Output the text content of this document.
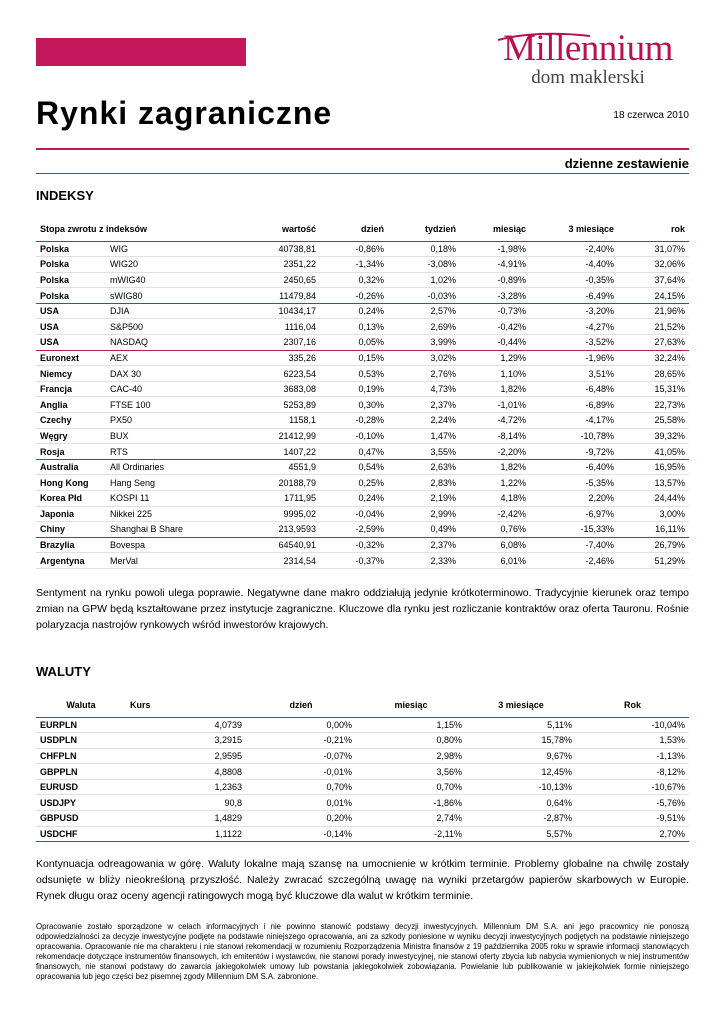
Millennium
dom maklerski
Rynki zagraniczne	18 czerwca 2010
dzienne zestawienie
INDEKSY
Stopa zwrotu z indeksów		wartość	dzień	tydzień	miesiąc	3 miesiące	rok
Polska	WIG	40738,81	-0,86%	0,18%	-1,98%	-2,40%	31,07%
Polska	WIG20	2351,22	-1,34%	-3,08%	-4,91%	-4,40%	32,06%
Polska	mWIG40	2450,65	0,32%	1,02%	-0,89%	-0,35%	37,64%
Polska	sWIG80	11479,84	-0,26%	-0,03%	-3,28%	-6,49%	24,15%
USA	DJIA	10434,17	0,24%	2,57%	-0,73%	-3,20%	21,96%
USA	S&P500	1116,04	0,13%	2,69%	-0,42%	-4,27%	21,52%
USA	NASDAQ	2307,16	0,05%	3,99%	-0,44%	-3,52%	27,63%
Euronext	AEX	335,26	0,15%	3,02%	1,29%	-1,96%	32,24%
Niemcy	DAX 30	6223,54	0,53%	2,76%	1,10%	3,51%	28,65%
Francja	CAC-40	3683,08	0,19%	4,73%	1,82%	-6,48%	15,31%
Anglia	FTSE 100	5253,89	0,30%	2,37%	-1,01%	-6,89%	22,73%
Czechy	PX50	1158,1	-0,28%	2,24%	-4,72%	-4,17%	25,58%
Węgry	BUX	21412,99	-0,10%	1,47%	-8,14%	-10,78%	39,32%
Rosja	RTS	1407,22	0,47%	3,55%	-2,20%	-9,72%	41,05%
Australia	All Ordinaries	4551,9	0,54%	2,63%	1,82%	-6,40%	16,95%
Hong Kong	Hang Seng	20188,79	0,25%	2,83%	1,22%	-5,35%	13,57%
Korea Płd	KOSPI 11	1711,95	0,24%	2,19%	4,18%	2,20%	24,44%
Japonia	Nikkei 225	9995,02	-0,04%	2,99%	-2,42%	-6,97%	3,00%
Chiny	Shanghai B Share	213,9593	-2,59%	0,49%	0,76%	-15,33%	16,11%
Brazylia	Bovespa	64540,91	-0,32%	2,37%	6,08%	-7,40%	26,79%
Argentyna	MerVal	2314,54	-0,37%	2,33%	6,01%	-2,46%	51,29%
Sentyment na rynku powoli ulega poprawie. Negatywne dane makro oddziałują jedynie krótkoterminowo. Tradycyjnie kierunek oraz tempo zmian na GPW będą kształtowane przez instytucje zagraniczne. Kluczowe dla rynku jest rozliczanie kontraktów oraz oferta Tauronu. Rośnie polaryzacja nastrojów rynkowych wśród inwestorów krajowych.
WALUTY
Waluta	Kurs	dzień	miesiąc	3 miesiące	Rok
EURPLN	4,0739	0,00%	1,15%	5,11%	-10,04%
USDPLN	3,2915	-0,21%	0,80%	15,78%	1,53%
CHFPLN	2,9595	-0,07%	2,98%	9,67%	-1,13%
GBPPLN	4,8808	-0,01%	3,56%	12,45%	-8,12%
EURUSD	1,2363	0,70%	0,70%	-10,13%	-10,67%
USDJPY	90,8	0,01%	-1,86%	0,64%	-5,76%
GBPUSD	1,4829	0,20%	2,74%	-2,87%	-9,51%
USDCHF	1,1122	-0,14%	-2,11%	5,57%	2,70%
Kontynuacja odreagowania w górę. Waluty lokalne mają szansę na umocnienie w krótkim terminie. Problemy globalne na chwilę zostały odsunięte w bliży nieokreśloną przyszłość. Należy zwracać szczególną uwagę na wyniki przetargów papierów skarbowych w Europie. Rynek długu oraz oceny agencji ratingowych mogą być kluczowe dla walut w krótkim terminie.
Opracowanie zostało sporządzone w celach informacyjnych i nie powinno stanowić podstawy decyzji inwestycyjnych. Millennium DM S.A. ani jego pracownicy nie ponoszą odpowiedzialności za decyzje inwestycyjne podjęte na podstawie niniejszego opracowania, ani za szkody poniesione w wyniku decyzji inwestycyjnych podjętych na podstawie niniejszego opracowania. Opracowanie nie ma charakteru i nie stanowi rekomendacji w rozumieniu Rozporządzenia Ministra finansów z 19 października 2005 roku w sprawie informacji stanowiących rekomendacje dotyczące instrumentów finansowych, ich emitentów i wystawców, nie stanowi porady inwestycyjnej, nie stanowi oferty zbycia lub nabycia wymienionych w niej instrumentów finansowych, nie stanowi podstawy do zawarcia jakiegokolwiek umowy lub powstania jakiegokolwiek zobowiązania. Powielanie lub publikowanie w jakiejkolwiek formie niniejszego opracowania lub jego części bez pisemnej zgody Millennium DM S.A. zabronione.
